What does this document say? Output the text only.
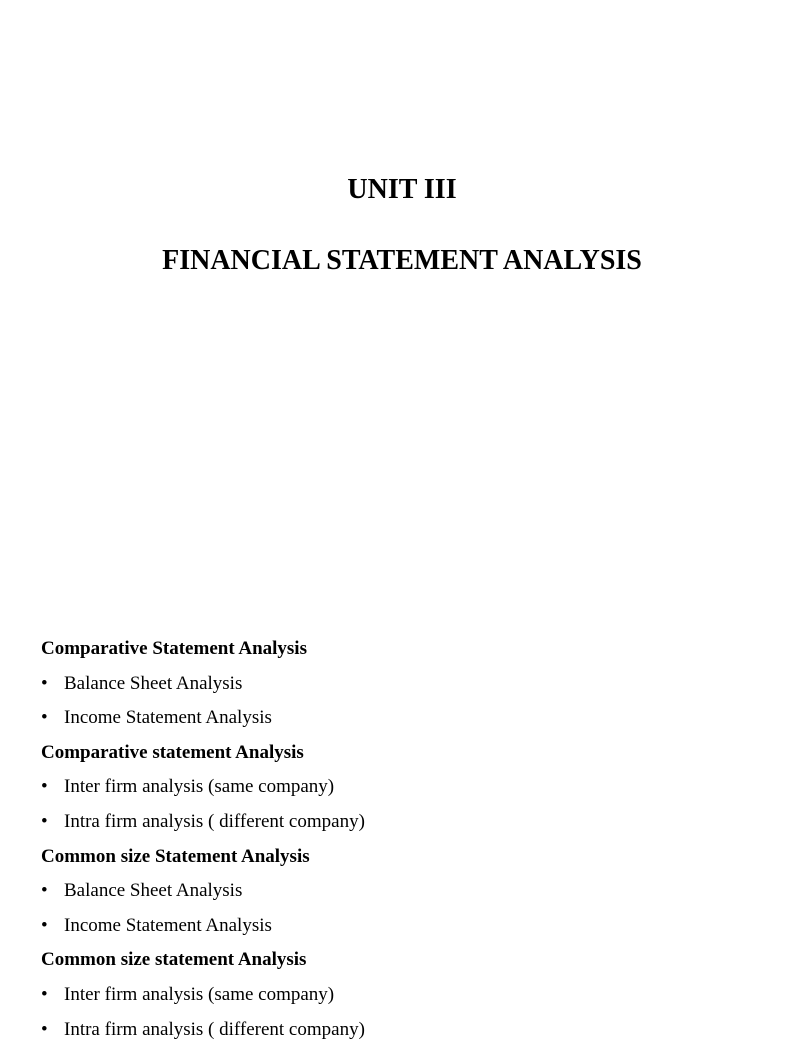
UNIT III
FINANCIAL STATEMENT ANALYSIS
Comparative Statement Analysis
• Balance Sheet Analysis
• Income Statement Analysis
Comparative statement Analysis
• Inter firm analysis (same company)
• Intra firm analysis ( different company)
Common size Statement Analysis
• Balance Sheet Analysis
• Income Statement Analysis
Common size statement Analysis
• Inter firm analysis (same company)
• Intra firm analysis ( different company)
